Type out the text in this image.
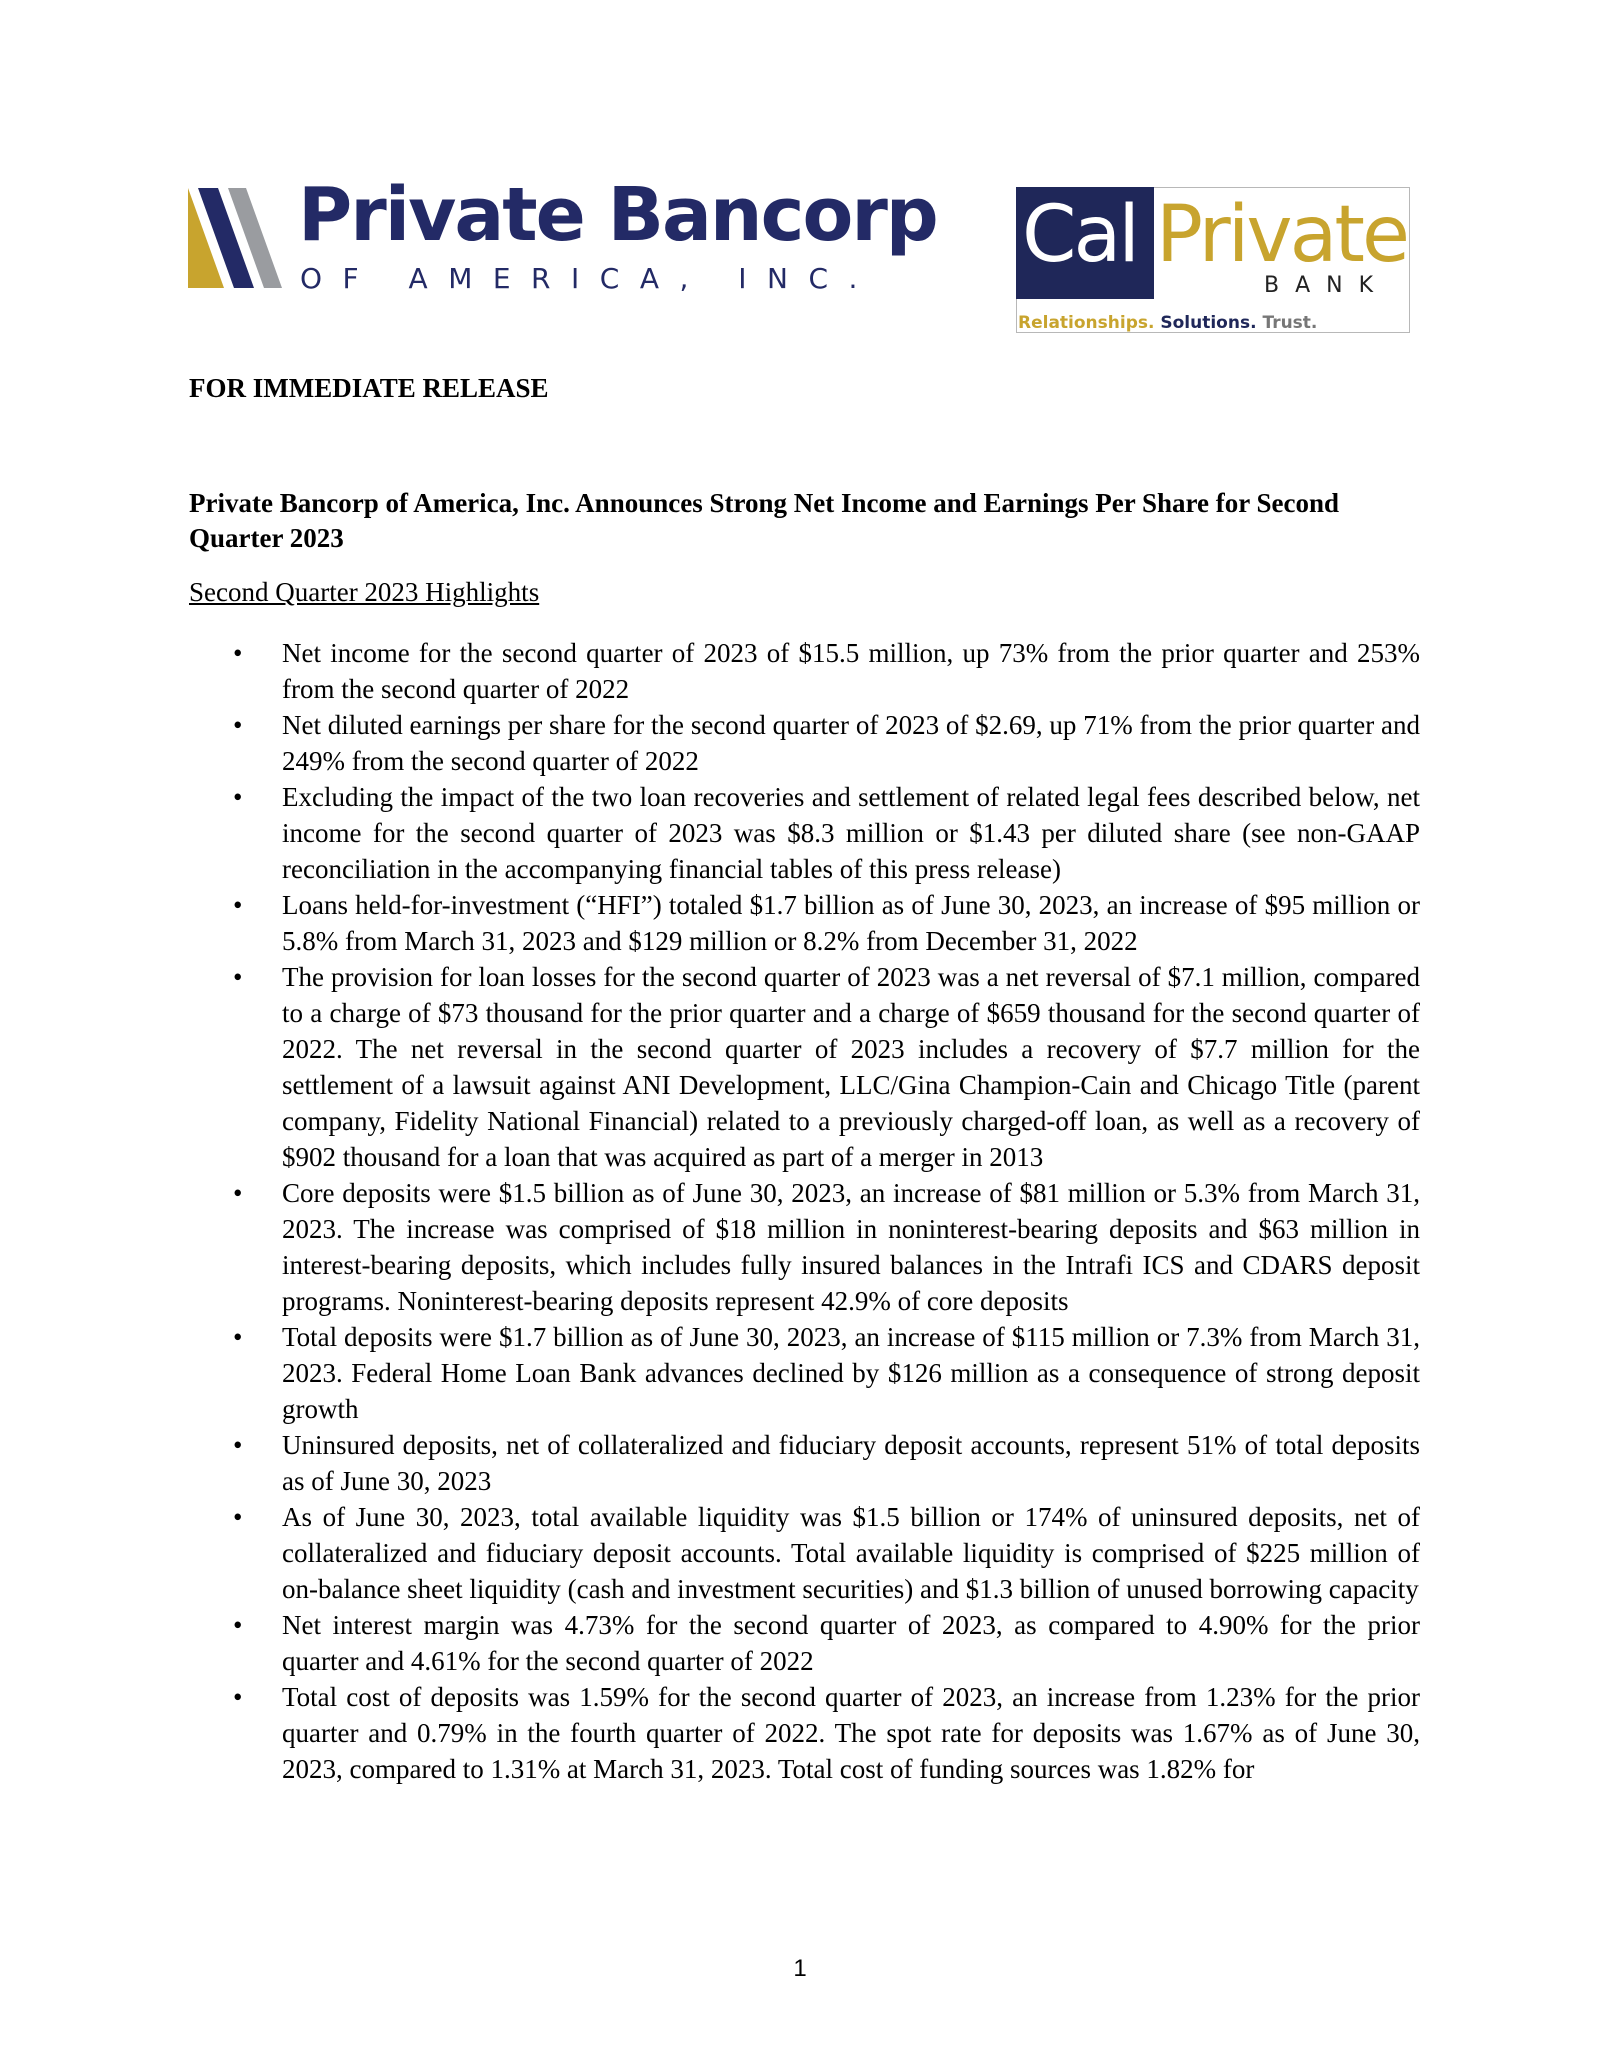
Private Bancorp
OF AMERICA, INC. Cal Private
BANK
Relationships. Solutions. Trust.

FOR IMMEDIATE RELEASE

Private Bancorp of America, Inc. Announces Strong Net Income and Earnings Per Share for Second Quarter 2023

Second Quarter 2023 Highlights

• Net income for the second quarter of 2023 of $15.5 million, up 73% from the prior quarter and 253% from the second quarter of 2022
• Net diluted earnings per share for the second quarter of 2023 of $2.69, up 71% from the prior quarter and 249% from the second quarter of 2022
• Excluding the impact of the two loan recoveries and settlement of related legal fees described below, net income for the second quarter of 2023 was $8.3 million or $1.43 per diluted share (see non-GAAP reconciliation in the accompanying financial tables of this press release)
• Loans held-for-investment (“HFI”) totaled $1.7 billion as of June 30, 2023, an increase of $95 million or 5.8% from March 31, 2023 and $129 million or 8.2% from December 31, 2022
• The provision for loan losses for the second quarter of 2023 was a net reversal of $7.1 million, compared to a charge of $73 thousand for the prior quarter and a charge of $659 thousand for the second quarter of 2022. The net reversal in the second quarter of 2023 includes a recovery of $7.7 million for the settlement of a lawsuit against ANI Development, LLC/Gina Champion-Cain and Chicago Title (parent company, Fidelity National Financial) related to a previously charged-off loan, as well as a recovery of $902 thousand for a loan that was acquired as part of a merger in 2013
• Core deposits were $1.5 billion as of June 30, 2023, an increase of $81 million or 5.3% from March 31, 2023. The increase was comprised of $18 million in noninterest-bearing deposits and $63 million in interest-bearing deposits, which includes fully insured balances in the Intrafi ICS and CDARS deposit programs. Noninterest-bearing deposits represent 42.9% of core deposits
• Total deposits were $1.7 billion as of June 30, 2023, an increase of $115 million or 7.3% from March 31, 2023. Federal Home Loan Bank advances declined by $126 million as a consequence of strong deposit growth
• Uninsured deposits, net of collateralized and fiduciary deposit accounts, represent 51% of total deposits as of June 30, 2023
• As of June 30, 2023, total available liquidity was $1.5 billion or 174% of uninsured deposits, net of collateralized and fiduciary deposit accounts. Total available liquidity is comprised of $225 million of on-balance sheet liquidity (cash and investment securities) and $1.3 billion of unused borrowing capacity
• Net interest margin was 4.73% for the second quarter of 2023, as compared to 4.90% for the prior quarter and 4.61% for the second quarter of 2022
• Total cost of deposits was 1.59% for the second quarter of 2023, an increase from 1.23% for the prior quarter and 0.79% in the fourth quarter of 2022. The spot rate for deposits was 1.67% as of June 30, 2023, compared to 1.31% at March 31, 2023. Total cost of funding sources was 1.82% for

1
